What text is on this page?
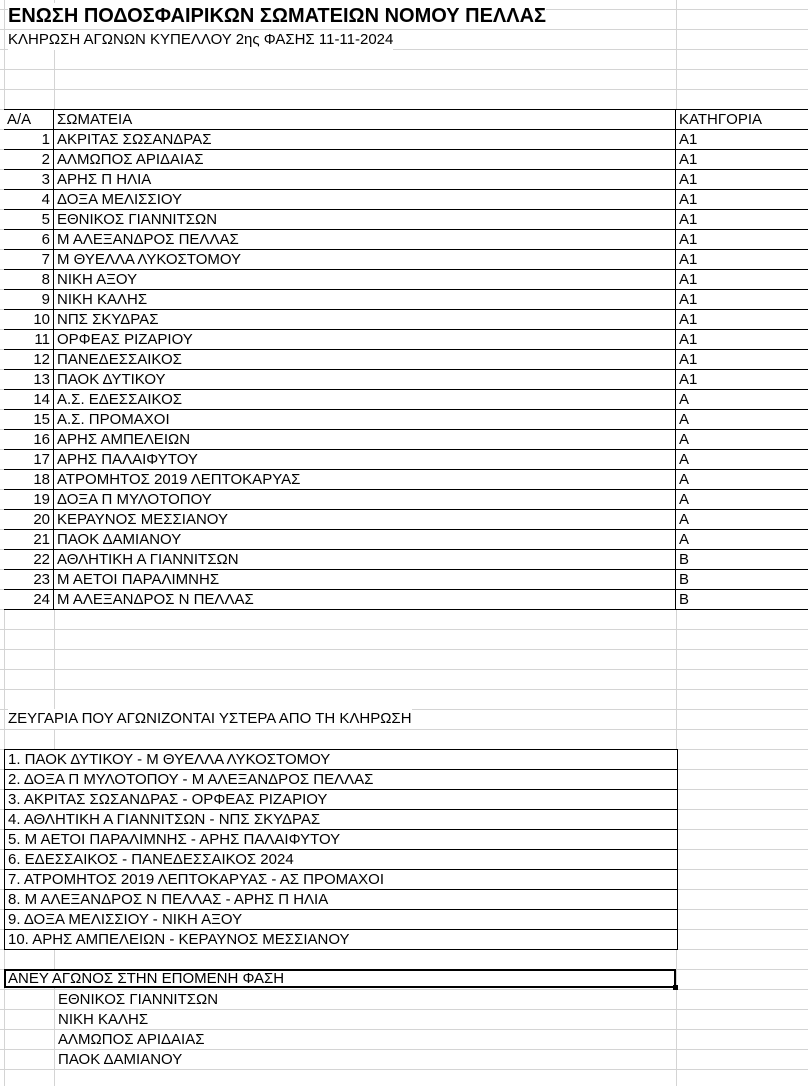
ΕΝΩΣΗ ΠΟΔΟΣΦΑΙΡΙΚΩΝ ΣΩΜΑΤΕΙΩΝ ΝΟΜΟΥ ΠΕΛΛΑΣ
ΚΛΗΡΩΣΗ ΑΓΩΝΩΝ ΚΥΠΕΛΛΟΥ 2ης ΦΑΣΗΣ 11-11-2024
Α/Α	ΣΩΜΑΤΕΙΑ	ΚΑΤΗΓΟΡΙΑ
1 ΑΚΡΙΤΑΣ ΣΩΣΑΝΔΡΑΣ	Α1
2 ΑΛΜΩΠΟΣ ΑΡΙΔΑΙΑΣ	Α1
3 ΑΡΗΣ Π ΗΛΙΑ	Α1
4 ΔΟΞΑ ΜΕΛΙΣΣΙΟΥ	Α1
5 ΕΘΝΙΚΟΣ ΓΙΑΝΝΙΤΣΩΝ	Α1
6 Μ ΑΛΕΞΑΝΔΡΟΣ ΠΕΛΛΑΣ	Α1
7 Μ ΘΥΕΛΛΑ ΛΥΚΟΣΤΟΜΟΥ	Α1
8 ΝΙΚΗ ΑΞΟΥ	Α1
9 ΝΙΚΗ ΚΑΛΗΣ	Α1
10 ΝΠΣ ΣΚΥΔΡΑΣ	Α1
11 ΟΡΦΕΑΣ ΡΙΖΑΡΙΟΥ	Α1
12 ΠΑΝΕΔΕΣΣΑΙΚΟΣ	Α1
13 ΠΑΟΚ ΔΥΤΙΚΟΥ	Α1
14 Α.Σ. ΕΔΕΣΣΑΙΚΟΣ	Α
15 Α.Σ. ΠΡΟΜΑΧΟΙ	Α
16 ΑΡΗΣ ΑΜΠΕΛΕΙΩΝ	Α
17 ΑΡΗΣ ΠΑΛΑΙΦΥΤΟΥ	Α
18 ΑΤΡΟΜΗΤΟΣ 2019 ΛΕΠΤΟΚΑΡΥΑΣ	Α
19 ΔΟΞΑ Π ΜΥΛΟΤΟΠΟΥ	Α
20 ΚΕΡΑΥΝΟΣ ΜΕΣΣΙΑΝΟΥ	Α
21 ΠΑΟΚ ΔΑΜΙΑΝΟΥ	Α
22 ΑΘΛΗΤΙΚΗ Α ΓΙΑΝΝΙΤΣΩΝ	Β
23 Μ ΑΕΤΟΙ ΠΑΡΑΛΙΜΝΗΣ	Β
24 Μ ΑΛΕΞΑΝΔΡΟΣ Ν ΠΕΛΛΑΣ	Β
ΖΕΥΓΑΡΙΑ ΠΟΥ ΑΓΩΝΙΖΟΝΤΑΙ ΥΣΤΕΡΑ ΑΠΟ ΤΗ ΚΛΗΡΩΣΗ
1. ΠΑΟΚ ΔΥΤΙΚΟΥ - Μ ΘΥΕΛΛΑ ΛΥΚΟΣΤΟΜΟΥ
2. ΔΟΞΑ Π ΜΥΛΟΤΟΠΟΥ - Μ ΑΛΕΞΑΝΔΡΟΣ ΠΕΛΛΑΣ
3. ΑΚΡΙΤΑΣ ΣΩΣΑΝΔΡΑΣ - ΟΡΦΕΑΣ ΡΙΖΑΡΙΟΥ
4. ΑΘΛΗΤΙΚΗ Α ΓΙΑΝΝΙΤΣΩΝ - ΝΠΣ ΣΚΥΔΡΑΣ
5. Μ ΑΕΤΟΙ ΠΑΡΑΛΙΜΝΗΣ - ΑΡΗΣ ΠΑΛΑΙΦΥΤΟΥ
6. ΕΔΕΣΣΑΙΚΟΣ - ΠΑΝΕΔΕΣΣΑΙΚΟΣ 2024
7. ΑΤΡΟΜΗΤΟΣ 2019 ΛΕΠΤΟΚΑΡΥΑΣ - ΑΣ ΠΡΟΜΑΧΟΙ
8. Μ ΑΛΕΞΑΝΔΡΟΣ Ν ΠΕΛΛΑΣ - ΑΡΗΣ Π ΗΛΙΑ
9. ΔΟΞΑ ΜΕΛΙΣΣΙΟΥ - ΝΙΚΗ ΑΞΟΥ
10. ΑΡΗΣ ΑΜΠΕΛΕΙΩΝ - ΚΕΡΑΥΝΟΣ ΜΕΣΣΙΑΝΟΥ
ΑΝΕΥ ΑΓΩΝΟΣ ΣΤΗΝ ΕΠΟΜΕΝΗ ΦΑΣΗ
ΕΘΝΙΚΟΣ ΓΙΑΝΝΙΤΣΩΝ
ΝΙΚΗ ΚΑΛΗΣ
ΑΛΜΩΠΟΣ ΑΡΙΔΑΙΑΣ
ΠΑΟΚ ΔΑΜΙΑΝΟΥ
